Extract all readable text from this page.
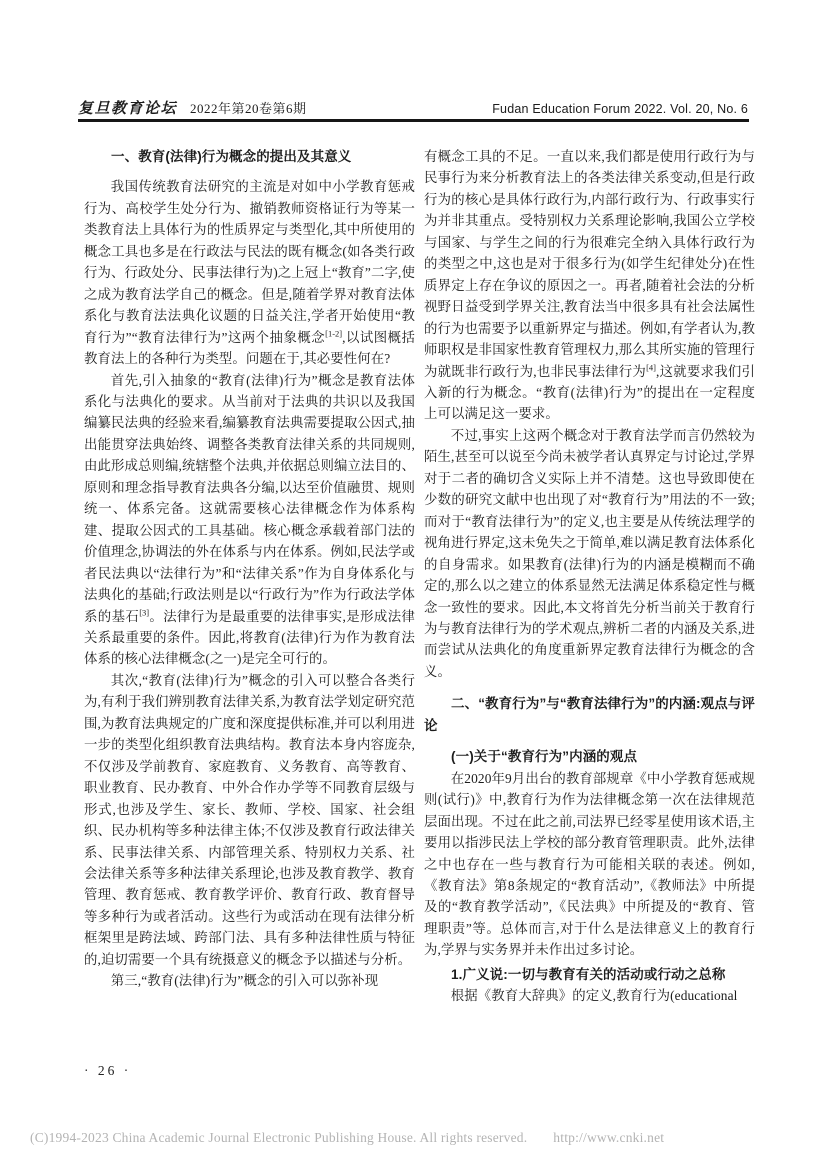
复旦教育论坛 2022年第20卷第6期	Fudan Education Forum 2022. Vol. 20, No. 6
一、教育(法律)行为概念的提出及其意义

我国传统教育法研究的主流是对如中小学教育惩戒行为、高校学生处分行为、撤销教师资格证行为等某一类教育法上具体行为的性质界定与类型化,其中所使用的概念工具也多是在行政法与民法的既有概念(如各类行政行为、行政处分、民事法律行为)之上冠上“教育”二字,使之成为教育法学自己的概念。但是,随着学界对教育法体系化与教育法法典化议题的日益关注,学者开始使用“教育行为”“教育法律行为”这两个抽象概念[1-2],以试图概括教育法上的各种行为类型。问题在于,其必要性何在?

首先,引入抽象的“教育(法律)行为”概念是教育法体系化与法典化的要求。从当前对于法典的共识以及我国编纂民法典的经验来看,编纂教育法典需要提取公因式,抽出能贯穿法典始终、调整各类教育法律关系的共同规则,由此形成总则编,统辖整个法典,并依据总则编立法目的、原则和理念指导教育法典各分编,以达至价值融贯、规则统一、体系完备。这就需要核心法律概念作为体系构建、提取公因式的工具基础。核心概念承载着部门法的价值理念,协调法的外在体系与内在体系。例如,民法学或者民法典以“法律行为”和“法律关系”作为自身体系化与法典化的基础;行政法则是以“行政行为”作为行政法学体系的基石[3]。法律行为是最重要的法律事实,是形成法律关系最重要的条件。因此,将教育(法律)行为作为教育法体系的核心法律概念(之一)是完全可行的。

其次,“教育(法律)行为”概念的引入可以整合各类行为,有利于我们辨别教育法律关系,为教育法学划定研究范围,为教育法典规定的广度和深度提供标准,并可以利用进一步的类型化组织教育法典结构。教育法本身内容庞杂,不仅涉及学前教育、家庭教育、义务教育、高等教育、职业教育、民办教育、中外合作办学等不同教育层级与形式,也涉及学生、家长、教师、学校、国家、社会组织、民办机构等多种法律主体;不仅涉及教育行政法律关系、民事法律关系、内部管理关系、特别权力关系、社会法律关系等多种法律关系理论,也涉及教育教学、教育管理、教育惩戒、教育教学评价、教育行政、教育督导等多种行为或者活动。这些行为或活动在现有法律分析框架里是跨法域、跨部门法、具有多种法律性质与特征的,迫切需要一个具有统摄意义的概念予以描述与分析。

第三,“教育(法律)行为”概念的引入可以弥补现

有概念工具的不足。一直以来,我们都是使用行政行为与民事行为来分析教育法上的各类法律关系变动,但是行政行为的核心是具体行政行为,内部行政行为、行政事实行为并非其重点。受特别权力关系理论影响,我国公立学校与国家、与学生之间的行为很难完全纳入具体行政行为的类型之中,这也是对于很多行为(如学生纪律处分)在性质界定上存在争议的原因之一。再者,随着社会法的分析视野日益受到学界关注,教育法当中很多具有社会法属性的行为也需要予以重新界定与描述。例如,有学者认为,教师职权是非国家性教育管理权力,那么其所实施的管理行为就既非行政行为,也非民事法律行为[4],这就要求我们引入新的行为概念。“教育(法律)行为”的提出在一定程度上可以满足这一要求。

不过,事实上这两个概念对于教育法学而言仍然较为陌生,甚至可以说至今尚未被学者认真界定与讨论过,学界对于二者的确切含义实际上并不清楚。这也导致即使在少数的研究文献中也出现了对“教育行为”用法的不一致;而对于“教育法律行为”的定义,也主要是从传统法理学的视角进行界定,这未免失之于简单,难以满足教育法体系化的自身需求。如果教育(法律)行为的内涵是模糊而不确定的,那么以之建立的体系显然无法满足体系稳定性与概念一致性的要求。因此,本文将首先分析当前关于教育行为与教育法律行为的学术观点,辨析二者的内涵及关系,进而尝试从法典化的角度重新界定教育法律行为概念的含义。

二、“教育行为”与“教育法律行为”的内涵:观点与评论
(一)关于“教育行为”内涵的观点

在2020年9月出台的教育部规章《中小学教育惩戒规则(试行)》中,教育行为作为法律概念第一次在法律规范层面出现。不过在此之前,司法界已经零星使用该术语,主要用以指涉民法上学校的部分教育管理职责。此外,法律之中也存在一些与教育行为可能相关联的表述。例如,《教育法》第8条规定的“教育活动”,《教师法》中所提及的“教育教学活动”,《民法典》中所提及的“教育、管理职责”等。总体而言,对于什么是法律意义上的教育行为,学界与实务界并未作出过多讨论。

1.广义说:一切与教育有关的活动或行动之总称

根据《教育大辞典》的定义,教育行为(educational

· 26 ·
(C)1994-2023 China Academic Journal Electronic Publishing House. All rights reserved. http://www.cnki.net
